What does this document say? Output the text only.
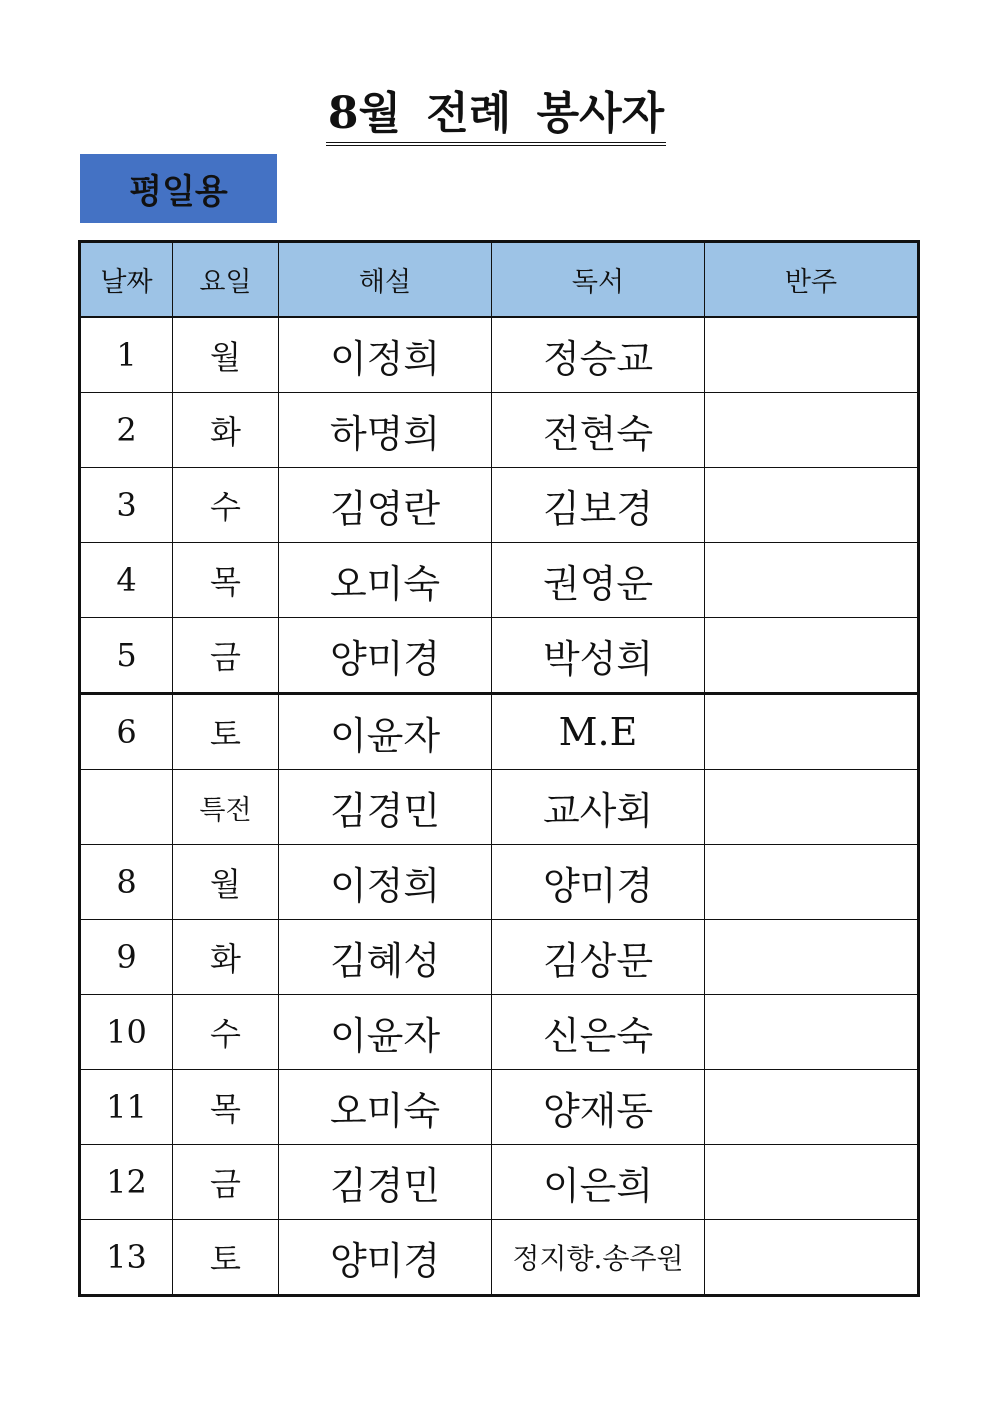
8월 전례 봉사자
평일용
날짜	요일	해설	독서	반주
1	월	이정희	정승교	
2	화	하명희	전현숙	
3	수	김영란	김보경	
4	목	오미숙	권영운	
5	금	양미경	박성희	
6	토	이윤자	M.E	
	특전	김경민	교사회	
8	월	이정희	양미경	
9	화	김혜성	김상문	
10	수	이윤자	신은숙	
11	목	오미숙	양재동	
12	금	김경민	이은희	
13	토	양미경	정지향.송주원	
